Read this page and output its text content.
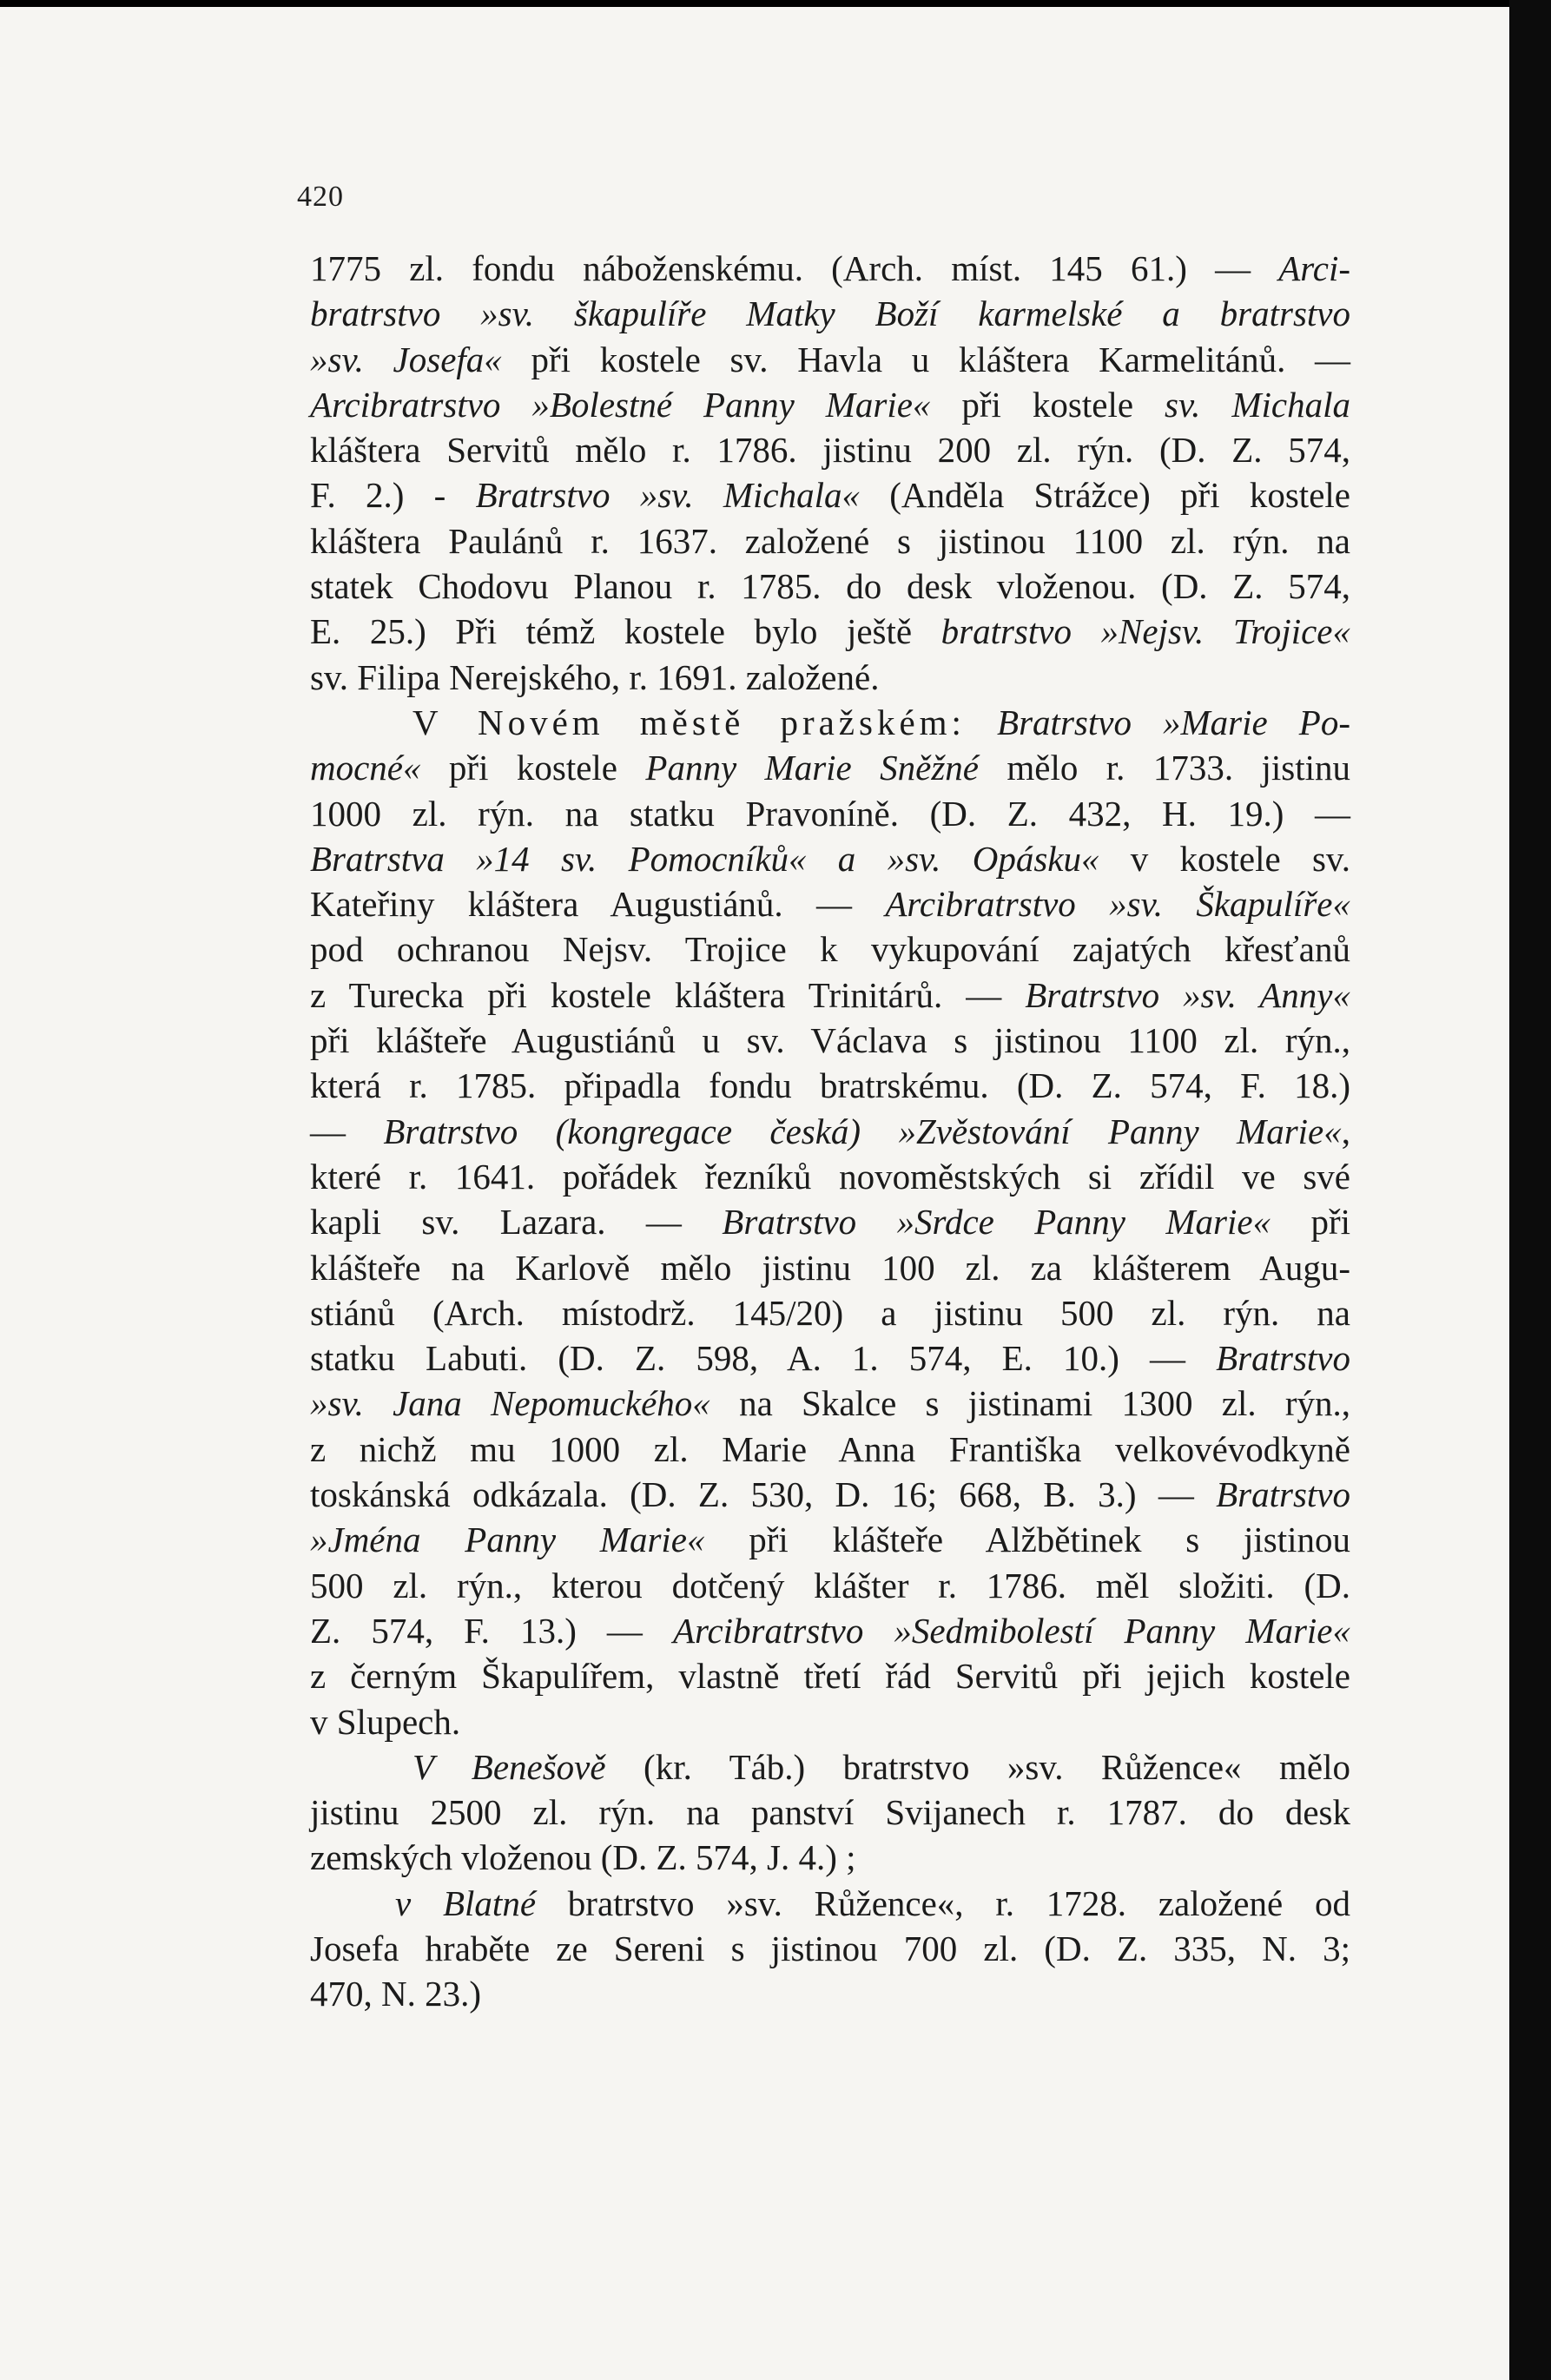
420
1775 zl. fondu náboženskému. (Arch. míst. 145 61.) — Arci-
bratrstvo »sv. škapulíře Matky Boží karmelské a bratrstvo
»sv. Josefa« při kostele sv. Havla u kláštera Karmelitánů. —
Arcibratrstvo »Bolestné Panny Marie« při kostele sv. Michala
kláštera Servitů mělo r. 1786. jistinu 200 zl. rýn. (D. Z. 574,
F. 2.) - Bratrstvo »sv. Michala« (Anděla Strážce) při kostele
kláštera Paulánů r. 1637. založené s jistinou 1100 zl. rýn. na
statek Chodovu Planou r. 1785. do desk vloženou. (D. Z. 574,
E. 25.) Při témž kostele bylo ještě bratrstvo »Nejsv. Trojice«
sv. Filipa Nerejského, r. 1691. založené.
V Novém městě pražském: Bratrstvo »Marie Po-
mocné« při kostele Panny Marie Sněžné mělo r. 1733. jistinu
1000 zl. rýn. na statku Pravoníně. (D. Z. 432, H. 19.) —
Bratrstva »14 sv. Pomocníků« a »sv. Opásku« v kostele sv.
Kateřiny kláštera Augustiánů. — Arcibratrstvo »sv. Škapulíře«
pod ochranou Nejsv. Trojice k vykupování zajatých křesťanů
z Turecka při kostele kláštera Trinitárů. — Bratrstvo »sv. Anny«
při klášteře Augustiánů u sv. Václava s jistinou 1100 zl. rýn.,
která r. 1785. připadla fondu bratrskému. (D. Z. 574, F. 18.)
— Bratrstvo (kongregace česká) »Zvěstování Panny Marie«,
které r. 1641. pořádek řezníků novoměstských si zřídil ve své
kapli sv. Lazara. — Bratrstvo »Srdce Panny Marie« při
klášteře na Karlově mělo jistinu 100 zl. za klášterem Augu-
stiánů (Arch. místodrž. 145/20) a jistinu 500 zl. rýn. na
statku Labuti. (D. Z. 598, A. 1. 574, E. 10.) — Bratrstvo
»sv. Jana Nepomuckého« na Skalce s jistinami 1300 zl. rýn.,
z nichž mu 1000 zl. Marie Anna Františka velkovévodkyně
toskánská odkázala. (D. Z. 530, D. 16; 668, B. 3.) — Bratrstvo
»Jména Panny Marie« při klášteře Alžbětinek s jistinou
500 zl. rýn., kterou dotčený klášter r. 1786. měl složiti. (D.
Z. 574, F. 13.) — Arcibratrstvo »Sedmibolestí Panny Marie«
z černým Škapulířem, vlastně třetí řád Servitů při jejich kostele
v Slupech.
V Benešově (kr. Táb.) bratrstvo »sv. Růžence« mělo
jistinu 2500 zl. rýn. na panství Svijanech r. 1787. do desk
zemských vloženou (D. Z. 574, J. 4.) ;
v Blatné bratrstvo »sv. Růžence«, r. 1728. založené od
Josefa hraběte ze Sereni s jistinou 700 zl. (D. Z. 335, N. 3;
470, N. 23.)
